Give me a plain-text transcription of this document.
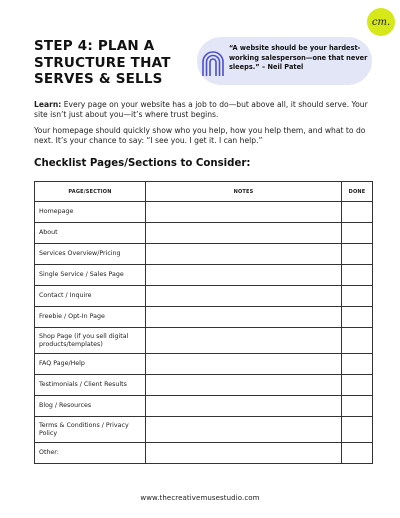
cm.
STEP 4: PLAN A
STRUCTURE THAT
SERVES & SELLS
“A website should be your hardest-
working salesperson—one that never
sleeps.” – Neil Patel

Learn: Every page on your website has a job to do—but above all, it should serve. Your site isn’t just about you—it’s where trust begins.

Your homepage should quickly show who you help, how you help them, and what to do next. It’s your chance to say: “I see you. I get it. I can help.”

Checklist Pages/Sections to Consider:
PAGE/SECTION	NOTES	DONE
Homepage		
About		
Services Overview/Pricing		
Single Service / Sales Page		
Contact / Inquire		
Freebie / Opt-In Page		
Shop Page (if you sell digital products/templates)		
FAQ Page/Help		
Testimonials / Client Results		
Blog / Resources		
Terms & Conditions / Privacy Policy		
Other:		
www.thecreativemusestudio.com
